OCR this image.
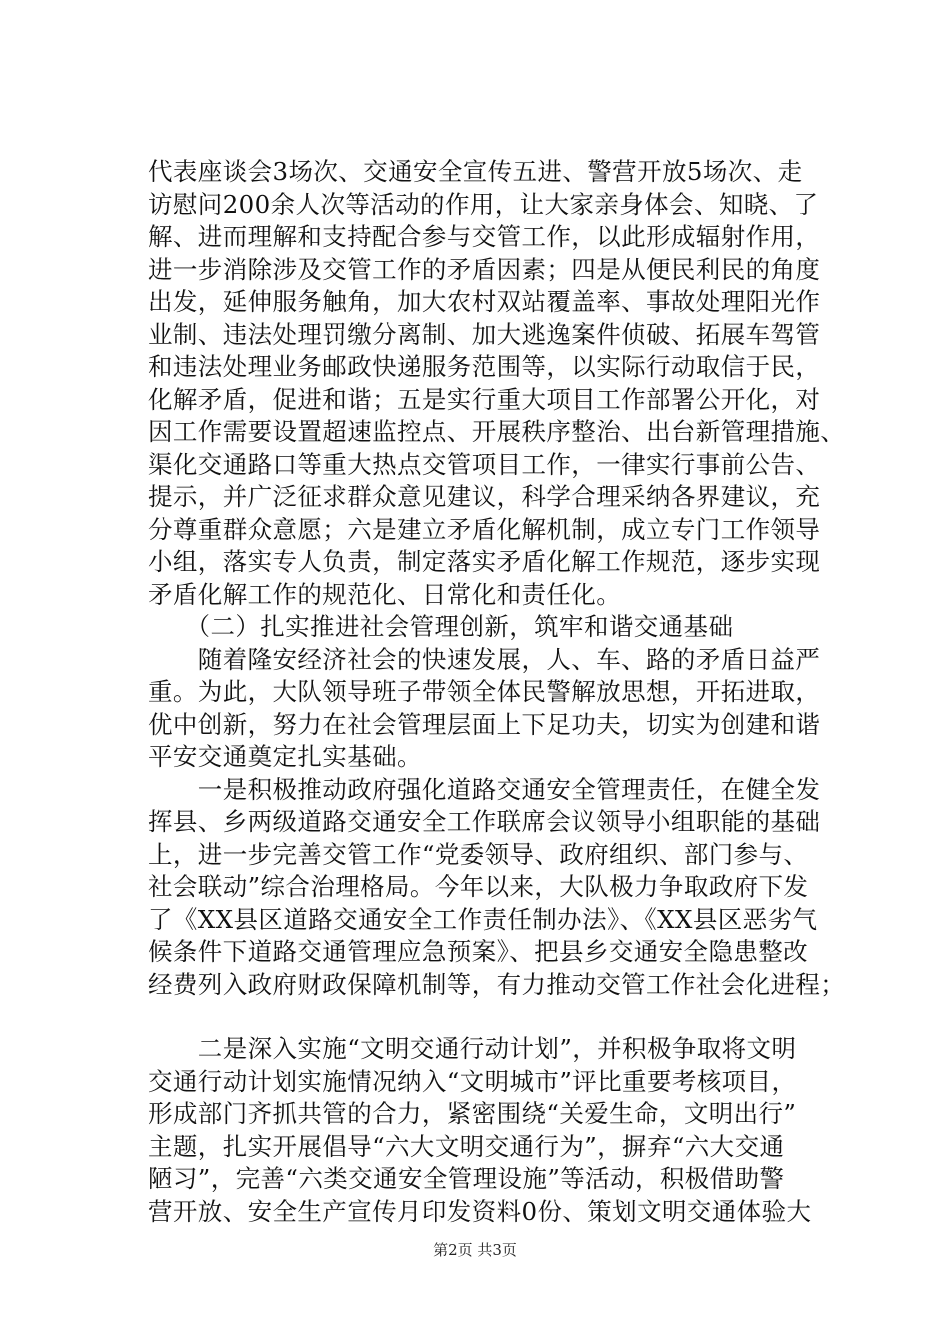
代表座谈会3场次、交通安全宣传五进、警营开放5场次、走
访慰问200余人次等活动的作用，让大家亲身体会、知晓、了
解、进而理解和支持配合参与交管工作，以此形成辐射作用，
进一步消除涉及交管工作的矛盾因素；四是从便民利民的角度
出发，延伸服务触角，加大农村双站覆盖率、事故处理阳光作
业制、违法处理罚缴分离制、加大逃逸案件侦破、拓展车驾管
和违法处理业务邮政快递服务范围等，以实际行动取信于民，
化解矛盾，促进和谐；五是实行重大项目工作部署公开化，对
因工作需要设置超速监控点、开展秩序整治、出台新管理措施、
渠化交通路口等重大热点交管项目工作，一律实行事前公告、
提示，并广泛征求群众意见建议，科学合理采纳各界建议，充
分尊重群众意愿；六是建立矛盾化解机制，成立专门工作领导
小组，落实专人负责，制定落实矛盾化解工作规范，逐步实现
矛盾化解工作的规范化、日常化和责任化。
　　（二）扎实推进社会管理创新，筑牢和谐交通基础
　　随着隆安经济社会的快速发展，人、车、路的矛盾日益严
重。为此，大队领导班子带领全体民警解放思想，开拓进取，
优中创新，努力在社会管理层面上下足功夫，切实为创建和谐
平安交通奠定扎实基础。
　　一是积极推动政府强化道路交通安全管理责任，在健全发
挥县、乡两级道路交通安全工作联席会议领导小组职能的基础
上，进一步完善交管工作“党委领导、政府组织、部门参与、
社会联动”综合治理格局。今年以来，大队极力争取政府下发
了《XX县区道路交通安全工作责任制办法》、《XX县区恶劣气
候条件下道路交通管理应急预案》、把县乡交通安全隐患整改
经费列入政府财政保障机制等，有力推动交管工作社会化进程；
　　二是深入实施“文明交通行动计划”，并积极争取将文明
交通行动计划实施情况纳入“文明城市”评比重要考核项目，
形成部门齐抓共管的合力，紧密围绕“关爱生命，文明出行”
主题，扎实开展倡导“六大文明交通行为”，摒弃“六大交通
陋习”，完善“六类交通安全管理设施”等活动，积极借助警
营开放、安全生产宣传月印发资料0份、策划文明交通体验大
第2页 共3页
